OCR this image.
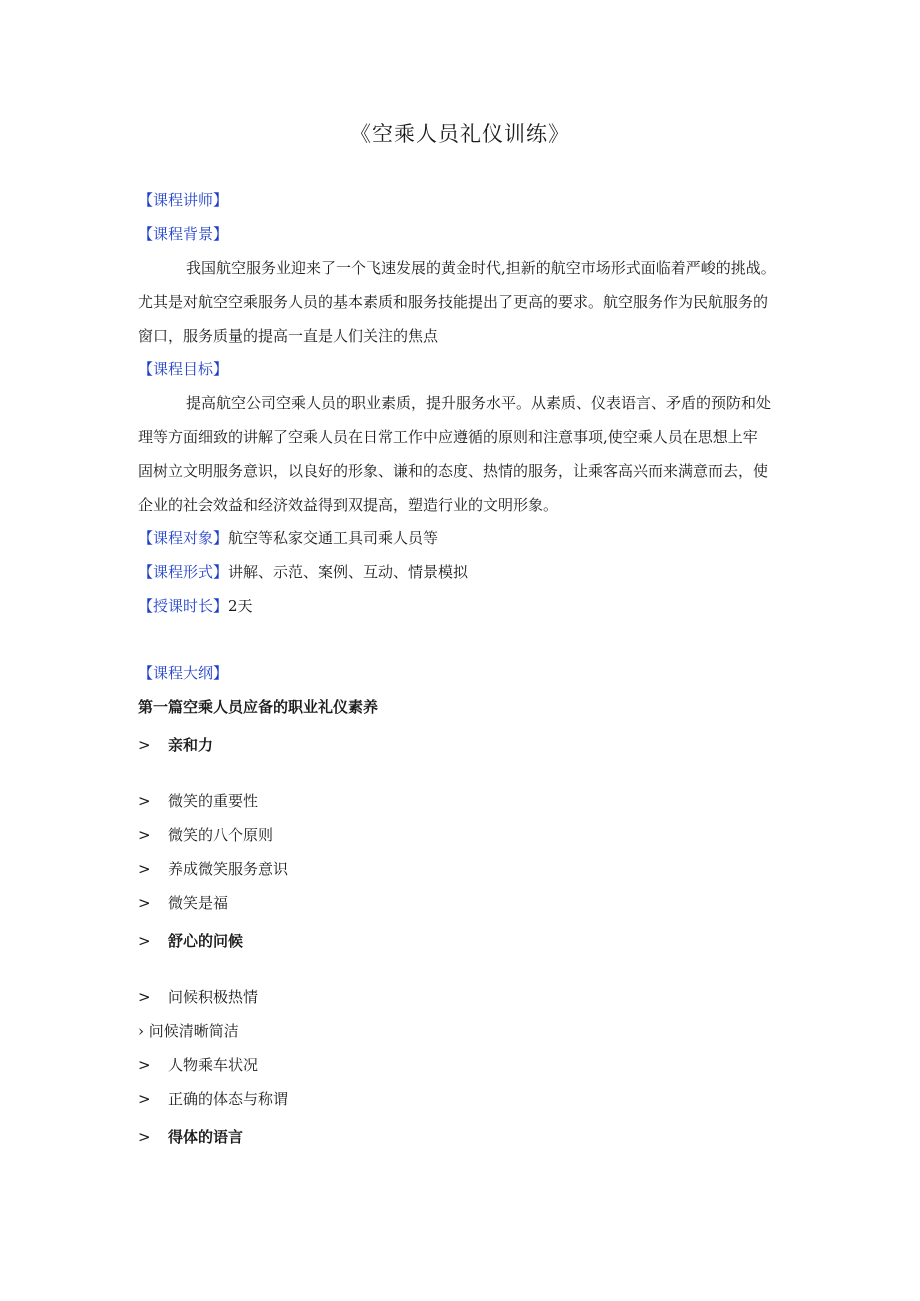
《空乘人员礼仪训练》
【课程讲师】
【课程背景】

我国航空服务业迎来了一个飞速发展的黄金时代,担新的航空市场形式面临着严峻的挑战。

尤其是对航空空乘服务人员的基本素质和服务技能提出了更高的要求。航空服务作为民航服务的

窗口，服务质量的提高一直是人们关注的焦点

【课程目标】

提高航空公司空乘人员的职业素质，提升服务水平。从素质、仪表语言、矛盾的预防和处

理等方面细致的讲解了空乘人员在日常工作中应遵循的原则和注意事项,使空乘人员在思想上牢

固树立文明服务意识，以良好的形象、谦和的态度、热情的服务，让乘客高兴而来满意而去，使

企业的社会效益和经济效益得到双提高，塑造行业的文明形象。

【课程对象】航空等私家交通工具司乘人员等
【课程形式】讲解、示范、案例、互动、情景模拟
【授课时长】2天
【课程大纲】
第一篇空乘人员应备的职业礼仪素养
> 亲和力
> 微笑的重要性
> 微笑的八个原则
> 养成微笑服务意识
> 微笑是福
> 舒心的问候
> 问候积极热情
› 问候清晰简洁
> 人物乘车状况
> 正确的体态与称谓
> 得体的语言
